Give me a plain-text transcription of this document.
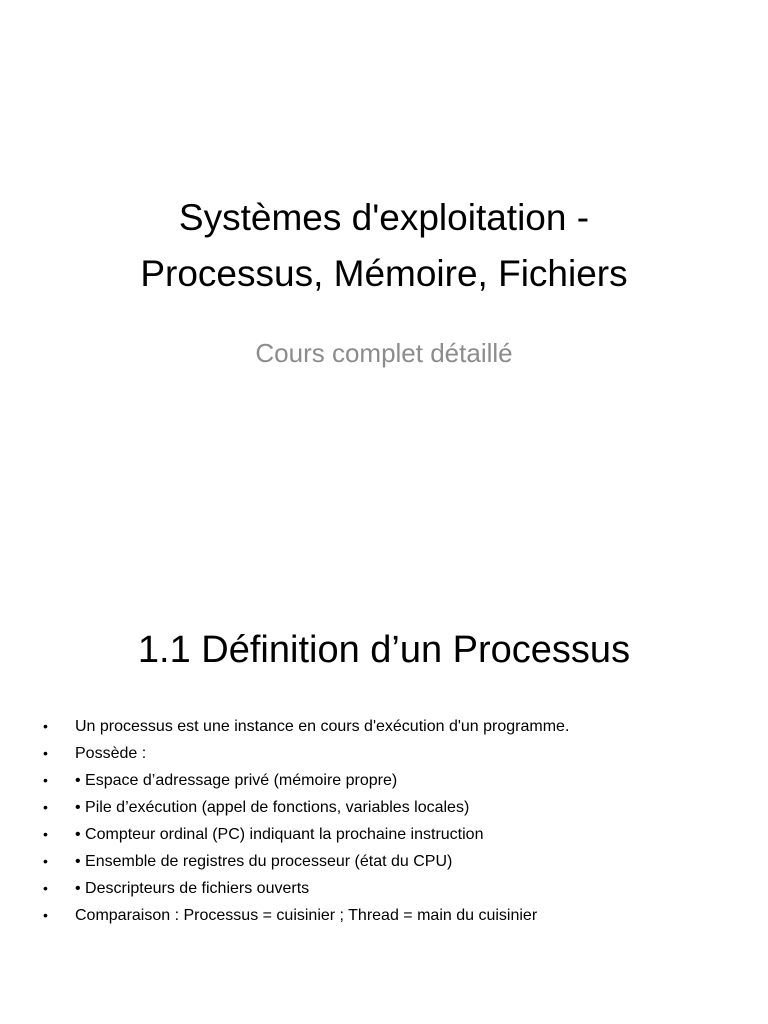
Systèmes d'exploitation -
Processus, Mémoire, Fichiers
Cours complet détaillé
1.1 Définition d’un Processus
• Un processus est une instance en cours d'exécution d'un programme.
• Possède :
• • Espace d’adressage privé (mémoire propre)
• • Pile d’exécution (appel de fonctions, variables locales)
• • Compteur ordinal (PC) indiquant la prochaine instruction
• • Ensemble de registres du processeur (état du CPU)
• • Descripteurs de fichiers ouverts
• Comparaison : Processus = cuisinier ; Thread = main du cuisinier
